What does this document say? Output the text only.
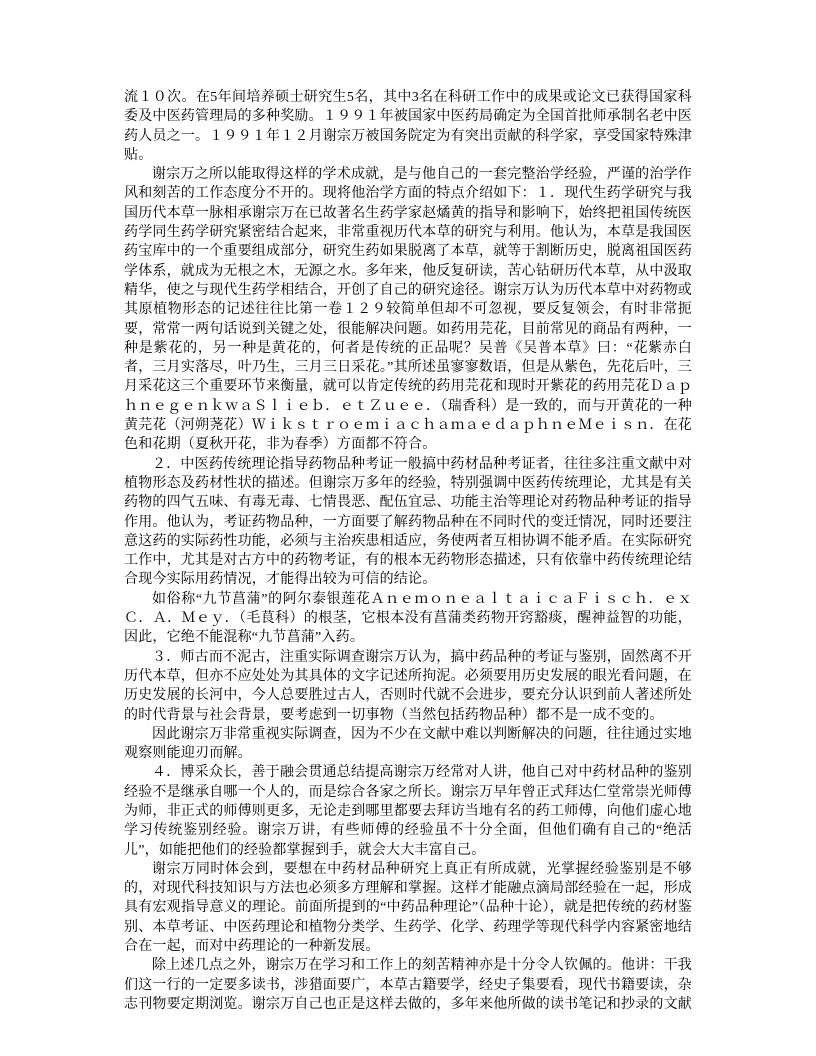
流１０次。在5年间培养硕士研究生5名，其中3名在科研工作中的成果或论文已获得国家科委及中医药管理局的多种奖励。１９９１年被国家中医药局确定为全国首批师承制名老中医药人员之一。１９９１年１２月谢宗万被国务院定为有突出贡献的科学家，享受国家特殊津贴。

谢宗万之所以能取得这样的学术成就，是与他自己的一套完整治学经验，严谨的治学作风和刻苦的工作态度分不开的。现将他治学方面的特点介绍如下：１．现代生药学研究与我国历代本草一脉相承谢宗万在已故著名生药学家赵燏黄的指导和影响下，始终把祖国传统医药学同生药学研究紧密结合起来，非常重视历代本草的研究与利用。他认为，本草是我国医药宝库中的一个重要组成部分，研究生药如果脱离了本草，就等于割断历史，脱离祖国医药学体系，就成为无根之木，无源之水。多年来，他反复研读，苦心钻研历代本草，从中汲取精华，使之与现代生药学相结合，开创了自己的研究途径。谢宗万认为历代本草中对药物或其原植物形态的记述往往比第一卷１２９较简单但却不可忽视，要反复领会，有时非常扼要，常常一两句话说到关键之处，很能解决问题。如药用芫花，目前常见的商品有两种，一种是紫花的，另一种是黄花的，何者是传统的正品呢？吴普《吴普本草》曰：“花紫赤白者，三月实落尽，叶乃生，三月三日采花。”其所述虽寥寥数语，但是从紫色，先花后叶，三月采花这三个重要环节来衡量，就可以肯定传统的药用芫花和现时开紫花的药用芫花ＤａｐｈｎｅｇｅｎｋｗａＳｌｉｅｂ．ｅｔＺｕｅｅ．（瑞香科）是一致的，而与开黄花的一种黄芫花（河朔荛花）ＷｉｋｓｔｒｏｅｍｉａｃｈａｍａｅｄａｐｈｎｅＭｅｉｓｎ．在花色和花期（夏秋开花，非为春季）方面都不符合。

２．中医药传统理论指导药物品种考证一般搞中药材品种考证者，往往多注重文献中对植物形态及药材性状的描述。但谢宗万多年的经验，特别强调中医药传统理论，尤其是有关药物的四气五味、有毒无毒、七情畏恶、配伍宜忌、功能主治等理论对药物品种考证的指导作用。他认为，考证药物品种，一方面要了解药物品种在不同时代的变迁情况，同时还要注意这药的实际药性功能，必须与主治疾患相适应，务使两者互相协调不能矛盾。在实际研究工作中，尤其是对古方中的药物考证，有的根本无药物形态描述，只有依靠中药传统理论结合现今实际用药情况，才能得出较为可信的结论。

如俗称“九节菖蒲”的阿尔泰银莲花ＡｎｅｍｏｎｅａｌｔａｉｃａＦｉｓｃｈ．ｅｘＣ．Ａ．Ｍｅｙ．（毛茛科）的根茎，它根本没有菖蒲类药物开窍豁痰，醒神益智的功能，因此，它绝不能混称“九节菖蒲”入药。

３．师古而不泥古，注重实际调查谢宗万认为，搞中药品种的考证与鉴别，固然离不开历代本草，但亦不应处处为其具体的文字记述所拘泥。必须要用历史发展的眼光看问题，在历史发展的长河中，今人总要胜过古人，否则时代就不会进步，要充分认识到前人著述所处的时代背景与社会背景，要考虑到一切事物（当然包括药物品种）都不是一成不变的。

因此谢宗万非常重视实际调查，因为不少在文献中难以判断解决的问题，往往通过实地观察则能迎刃而解。

４．博采众长，善于融会贯通总结提高谢宗万经常对人讲，他自己对中药材品种的鉴别经验不是继承自哪一个人的，而是综合各家之所长。谢宗万早年曾正式拜达仁堂常崇光师傅为师，非正式的师傅则更多，无论走到哪里都要去拜访当地有名的药工师傅，向他们虚心地学习传统鉴别经验。谢宗万讲，有些师傅的经验虽不十分全面，但他们确有自己的“绝活儿”，如能把他们的经验都掌握到手，就会大大丰富自己。

谢宗万同时体会到，要想在中药材品种研究上真正有所成就，光掌握经验鉴别是不够的，对现代科技知识与方法也必须多方理解和掌握。这样才能融点滴局部经验在一起，形成具有宏观指导意义的理论。前面所提到的“中药品种理论”（品种十论），就是把传统的药材鉴别、本草考证、中医药理论和植物分类学、生药学、化学、药理学等现代科学内容紧密地结合在一起，而对中药理论的一种新发展。

除上述几点之外，谢宗万在学习和工作上的刻苦精神亦是十分令人钦佩的。他讲：干我们这一行的一定要多读书，涉猎面要广，本草古籍要学，经史子集要看，现代书籍要读，杂志刊物要定期浏览。谢宗万自己也正是这样去做的，多年来他所做的读书笔记和抄录的文献
